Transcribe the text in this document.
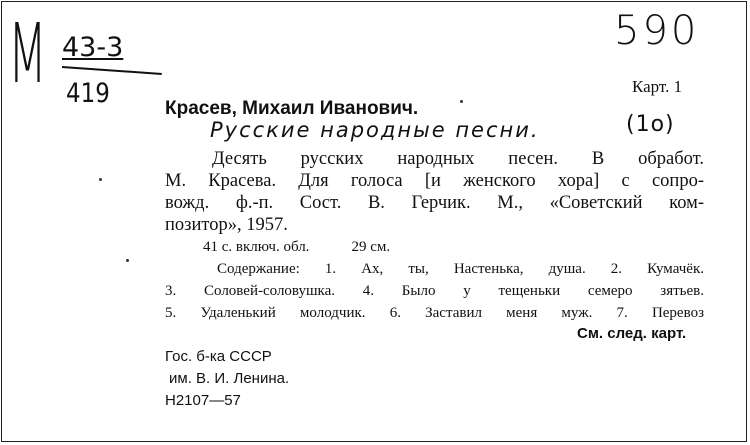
М 43-3
419
590
Карт. 1
Красев, Михаил Иванович.
Русские народные песни.	(1о)
Десять русских народных песен. В обработ.
М. Красева. Для голоса [и женского хора] с сопро-
вожд. ф.-п. Сост. В. Герчик. М., «Советский ком-
позитор», 1957.
41 с. включ. обл.	29 см.
Содержание: 1. Ах, ты, Настенька, душа. 2. Кумачёк.
3. Соловей-соловушка. 4. Было у тещеньки семеро зятьев.
5. Удаленький молодчик. 6. Заставил меня муж. 7. Перевоз
См. след. карт.
Гос. б-ка СССР
им. В. И. Ленина.
Н2107—57
